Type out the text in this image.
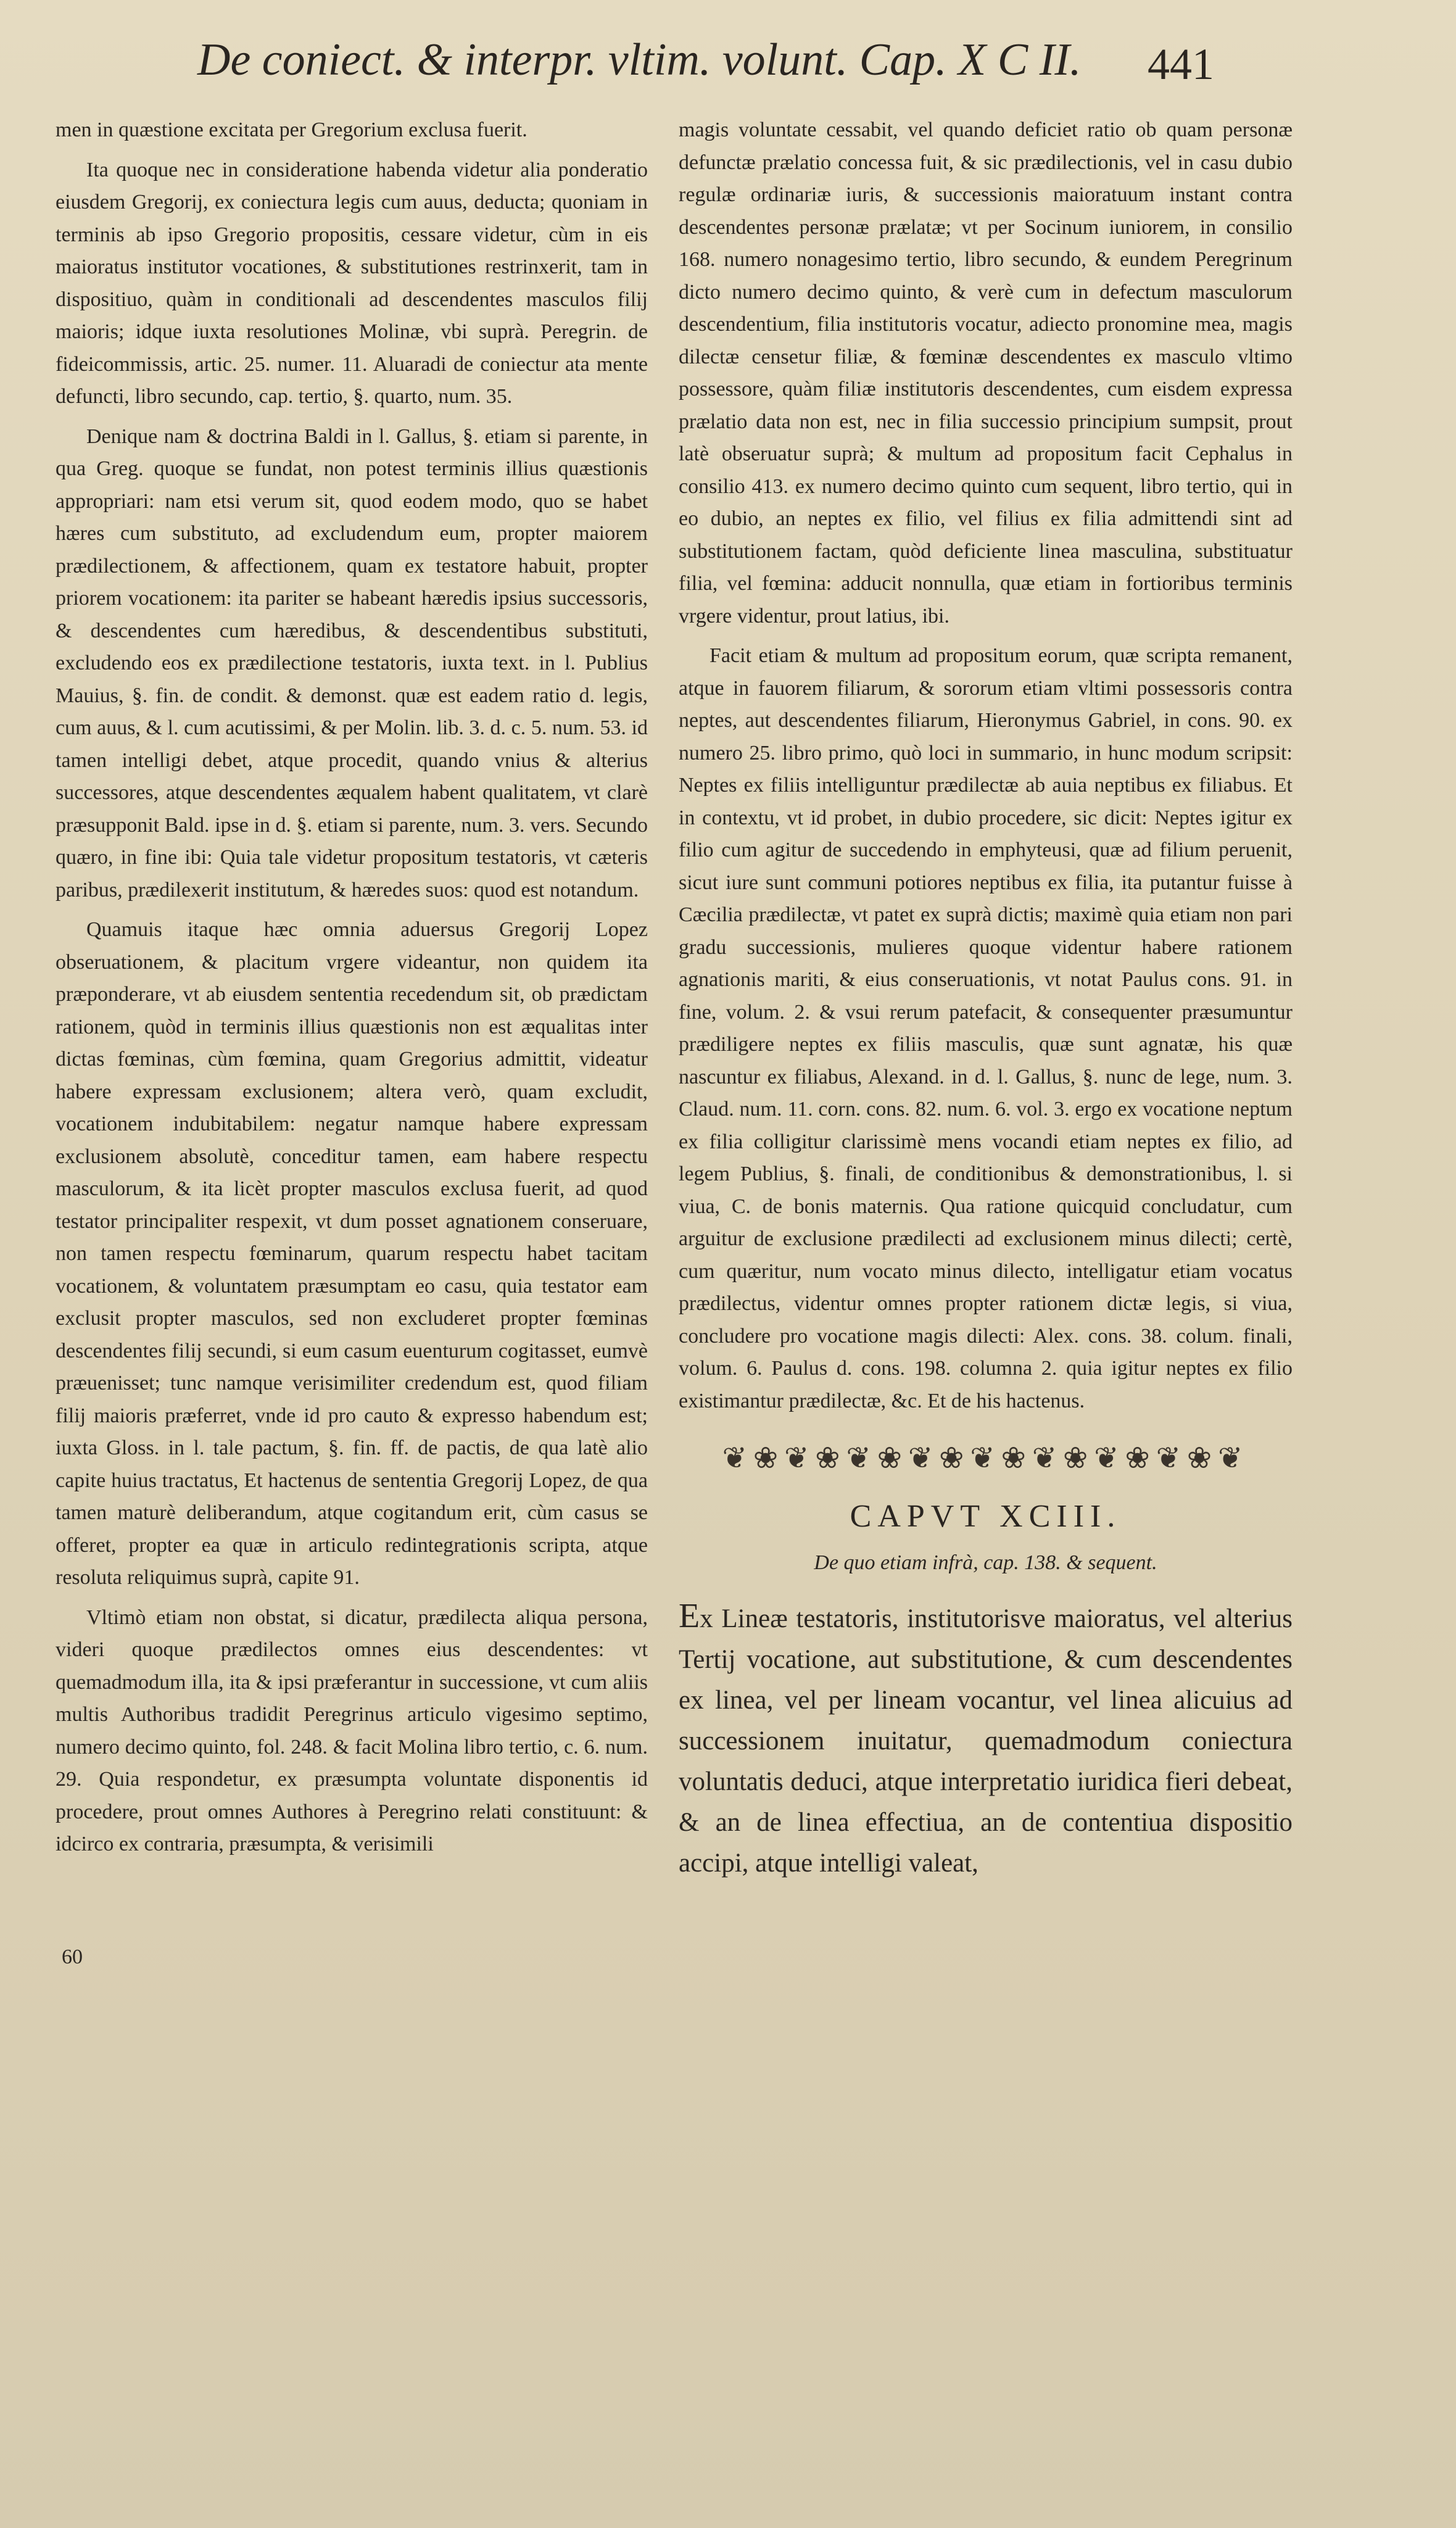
De coniect. & interpr. vltim. volunt. Cap. X C II. 441

men in quæstione excitata per Gregorium exclusa fuerit.

Ita quoque nec in consideratione habenda videtur alia ponderatio eiusdem Gregorij, ex coniectura legis cum auus, deducta; quoniam in terminis ab ipso Gregorio propositis, cessare videtur, cùm in eis maioratus institutor vocationes, & substitutiones restrinxerit, tam in dispositiuo, quàm in conditionali ad descendentes masculos filij maioris; idque iuxta resolutiones Molinæ, vbi suprà. Peregrin. de fideicommissis, artic. 25. numer. 11. Aluaradi de coniectur ata mente defuncti, libro secundo, cap. tertio, §. quarto, num. 35.

Denique nam & doctrina Baldi in l. Gallus, §. etiam si parente, in qua Greg. quoque se fundat, non potest terminis illius quæstionis appropriari: nam etsi verum sit, quod eodem modo, quo se habet hæres cum substituto, ad excludendum eum, propter maiorem prædilectionem, & affectionem, quam ex testatore habuit, propter priorem vocationem: ita pariter se habeant hæredis ipsius successoris, & descendentes cum hæredibus, & descendentibus substituti, excludendo eos ex prædilectione testatoris, iuxta text. in l. Publius Mauius, §. fin. de condit. & demonst. quæ est eadem ratio d. legis, cum auus, & l. cum acutissimi, & per Molin. lib. 3. d. c. 5. num. 53. id tamen intelligi debet, atque procedit, quando vnius & alterius successores, atque descendentes æqualem habent qualitatem, vt clarè præsupponit Bald. ipse in d. §. etiam si parente, num. 3. vers. Secundo quæro, in fine ibi: Quia tale videtur propositum testatoris, vt cæteris paribus, prædilexerit institutum, & hæredes suos: quod est notandum.

Quamuis itaque hæc omnia aduersus Gregorij Lopez obseruationem, & placitum vrgere videantur, non quidem ita præponderare, vt ab eiusdem sententia recedendum sit, ob prædictam rationem, quòd in terminis illius quæstionis non est æqualitas inter dictas fœminas, cùm fœmina, quam Gregorius admittit, videatur habere expressam exclusionem; altera verò, quam excludit, vocationem indubitabilem: negatur namque habere expressam exclusionem absolutè, conceditur tamen, eam habere respectu masculorum, & ita licèt propter masculos exclusa fuerit, ad quod testator principaliter respexit, vt dum posset agnationem conseruare, non tamen respectu fœminarum, quarum respectu habet tacitam vocationem, & voluntatem præsumptam eo casu, quia testator eam exclusit propter masculos, sed non excluderet propter fœminas descendentes filij secundi, si eum casum euenturum cogitasset, eumvè præuenisset; tunc namque verisimiliter credendum est, quod filiam filij maioris præferret, vnde id pro cauto & expresso habendum est; iuxta Gloss. in l. tale pactum, §. fin. ff. de pactis, de qua latè alio capite huius tractatus, Et hactenus de sententia Gregorij Lopez, de qua tamen maturè deliberandum, atque cogitandum erit, cùm casus se offeret, propter ea quæ in articulo redintegrationis scripta, atque resoluta reliquimus suprà, capite 91.

Vltimò etiam non obstat, si dicatur, prædilecta aliqua persona, videri quoque prædilectos omnes eius descendentes: vt quemadmodum illa, ita & ipsi præferantur in successione, vt cum aliis multis Authoribus tradidit Peregrinus articulo vigesimo septimo, numero decimo quinto, fol. 248. & facit Molina libro tertio, c. 6. num. 29. Quia respondetur, ex præsumpta voluntate disponentis id procedere, prout omnes Authores à Peregrino relati constituunt: & idcirco ex contraria, præsumpta, & verisimili

60

magis voluntate cessabit, vel quando deficiet ratio ob quam personæ defunctæ prælatio concessa fuit, & sic prædilectionis, vel in casu dubio regulæ ordinariæ iuris, & successionis maioratuum instant contra descendentes personæ prælatæ; vt per Socinum iuniorem, in consilio 168. numero nonagesimo tertio, libro secundo, & eundem Peregrinum dicto numero decimo quinto, & verè cum in defectum masculorum descendentium, filia institutoris vocatur, adiecto pronomine mea, magis dilectæ censetur filiæ, & fœminæ descendentes ex masculo vltimo possessore, quàm filiæ institutoris descendentes, cum eisdem expressa prælatio data non est, nec in filia successio principium sumpsit, prout latè obseruatur suprà; & multum ad propositum facit Cephalus in consilio 413. ex numero decimo quinto cum sequent, libro tertio, qui in eo dubio, an neptes ex filio, vel filius ex filia admittendi sint ad substitutionem factam, quòd deficiente linea masculina, substituatur filia, vel fœmina: adducit nonnulla, quæ etiam in fortioribus terminis vrgere videntur, prout latius, ibi.

Facit etiam & multum ad propositum eorum, quæ scripta remanent, atque in fauorem filiarum, & sororum etiam vltimi possessoris contra neptes, aut descendentes filiarum, Hieronymus Gabriel, in cons. 90. ex numero 25. libro primo, quò loci in summario, in hunc modum scripsit: Neptes ex filiis intelliguntur prædilectæ ab auia neptibus ex filiabus. Et in contextu, vt id probet, in dubio procedere, sic dicit: Neptes igitur ex filio cum agitur de succedendo in emphyteusi, quæ ad filium peruenit, sicut iure sunt communi potiores neptibus ex filia, ita putantur fuisse à Cæcilia prædilectæ, vt patet ex suprà dictis; maximè quia etiam non pari gradu successionis, mulieres quoque videntur habere rationem agnationis mariti, & eius conseruationis, vt notat Paulus cons. 91. in fine, volum. 2. & vsui rerum patefacit, & consequenter præsumuntur prædiligere neptes ex filiis masculis, quæ sunt agnatæ, his quæ nascuntur ex filiabus, Alexand. in d. l. Gallus, §. nunc de lege, num. 3. Claud. num. 11. corn. cons. 82. num. 6. vol. 3. ergo ex vocatione neptum ex filia colligitur clarissimè mens vocandi etiam neptes ex filio, ad legem Publius, §. finali, de conditionibus & demonstrationibus, l. si viua, C. de bonis maternis. Qua ratione quicquid concludatur, cum arguitur de exclusione prædilecti ad exclusionem minus dilecti; certè, cum quæritur, num vocato minus dilecto, intelligatur etiam vocatus prædilectus, videntur omnes propter rationem dictæ legis, si viua, concludere pro vocatione magis dilecti: Alex. cons. 38. colum. finali, volum. 6. Paulus d. cons. 198. columna 2. quia igitur neptes ex filio existimantur prædilectæ, &c. Et de his hactenus.

❦❀❦❀❦❀❦❀❦❀❦❀❦❀❦❀❦
CAPVT XCIII.
De quo etiam infrà, cap. 138. & sequent.
Ex Lineæ testatoris, institutorisve maioratus, vel alterius Tertij vocatione, aut substitutione, & cum descendentes ex linea, vel per lineam vocantur, vel linea alicuius ad successionem inuitatur, quemadmodum coniectura voluntatis deduci, atque interpretatio iuridica fieri debeat, & an de linea effectiua, an de contentiua dispositio accipi, atque intelligi valeat,
